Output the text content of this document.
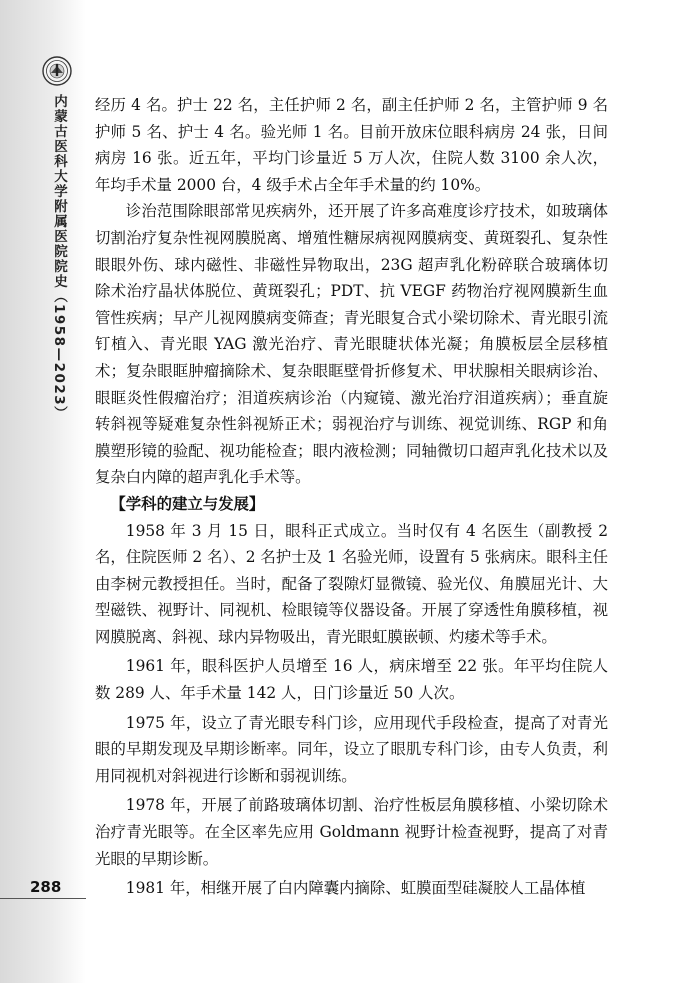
内蒙古医科大学附属医院院史（1958—2023）
288

经历 4 名。护士 22 名，主任护师 2 名，副主任护师 2 名，主管护师 9 名护师 5 名、护士 4 名。验光师 1 名。目前开放床位眼科病房 24 张，日间病房 16 张。近五年，平均门诊量近 5 万人次，住院人数 3100 余人次，年均手术量 2000 台，4 级手术占全年手术量的约 10%。

诊治范围除眼部常见疾病外，还开展了许多高难度诊疗技术，如玻璃体切割治疗复杂性视网膜脱离、增殖性糖尿病视网膜病变、黄斑裂孔、复杂性眼眼外伤、球内磁性、非磁性异物取出，23G 超声乳化粉碎联合玻璃体切除术治疗晶状体脱位、黄斑裂孔；PDT、抗 VEGF 药物治疗视网膜新生血管性疾病；早产儿视网膜病变筛查；青光眼复合式小梁切除术、青光眼引流钉植入、青光眼 YAG 激光治疗、青光眼睫状体光凝；角膜板层全层移植术；复杂眼眶肿瘤摘除术、复杂眼眶壁骨折修复术、甲状腺相关眼病诊治、眼眶炎性假瘤治疗；泪道疾病诊治（内窥镜、激光治疗泪道疾病）；垂直旋转斜视等疑难复杂性斜视矫正术；弱视治疗与训练、视觉训练、RGP 和角膜塑形镜的验配、视功能检查；眼内液检测；同轴微切口超声乳化技术以及复杂白内障的超声乳化手术等。

【学科的建立与发展】

1958 年 3 月 15 日，眼科正式成立。当时仅有 4 名医生（副教授 2 名，住院医师 2 名）、2 名护士及 1 名验光师，设置有 5 张病床。眼科主任由李树元教授担任。当时，配备了裂隙灯显微镜、验光仪、角膜屈光计、大型磁铁、视野计、同视机、检眼镜等仪器设备。开展了穿透性角膜移植，视网膜脱离、斜视、球内异物吸出，青光眼虹膜嵌顿、灼痿术等手术。

1961 年，眼科医护人员增至 16 人，病床增至 22 张。年平均住院人数 289 人、年手术量 142 人，日门诊量近 50 人次。

1975 年，设立了青光眼专科门诊，应用现代手段检查，提高了对青光眼的早期发现及早期诊断率。同年，设立了眼肌专科门诊，由专人负责，利用同视机对斜视进行诊断和弱视训练。

1978 年，开展了前路玻璃体切割、治疗性板层角膜移植、小梁切除术治疗青光眼等。在全区率先应用 Goldmann 视野计检查视野，提高了对青光眼的早期诊断。

1981 年，相继开展了白内障囊内摘除、虹膜面型硅凝胶人工晶体植
